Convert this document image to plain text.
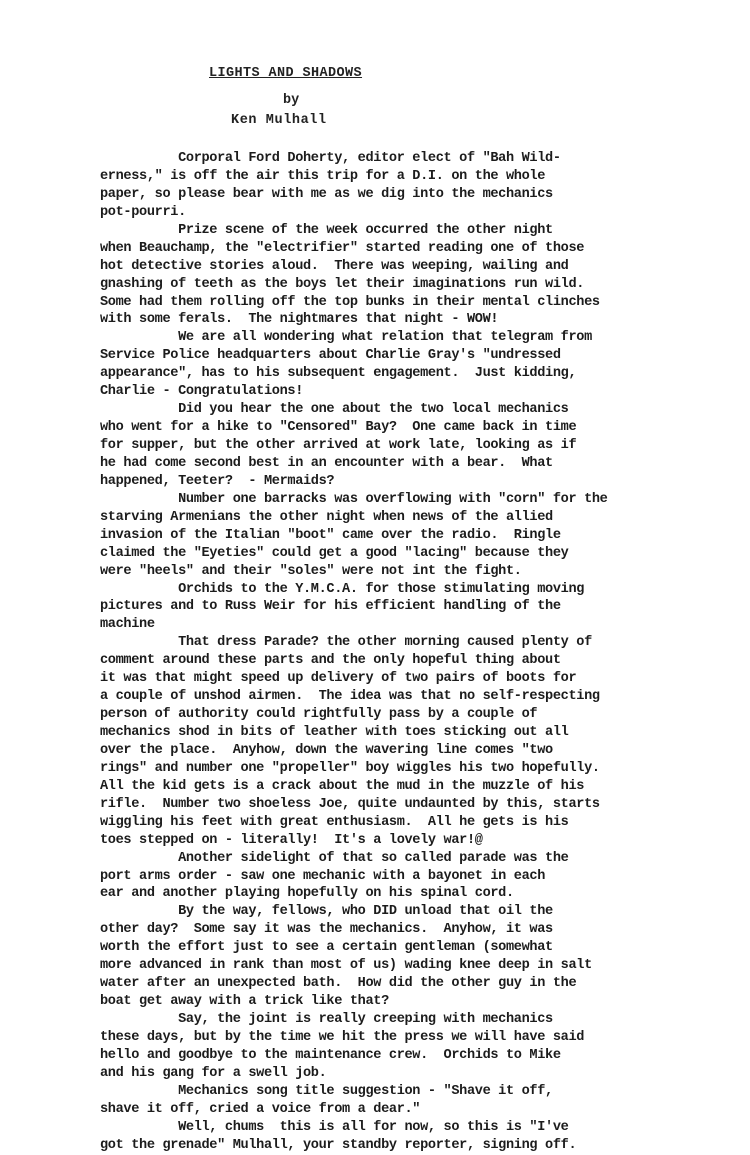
LIGHTS AND SHADOWS
by
Ken Mulhall
Corporal Ford Doherty, editor elect of "Bah Wild-
erness," is off the air this trip for a D.I. on the whole
paper, so please bear with me as we dig into the mechanics
pot-pourri.
Prize scene of the week occurred the other night
when Beauchamp, the "electrifier" started reading one of those
hot detective stories aloud.  There was weeping, wailing and
gnashing of teeth as the boys let their imaginations run wild.
Some had them rolling off the top bunks in their mental clinches
with some ferals.  The nightmares that night - WOW!
We are all wondering what relation that telegram from
Service Police headquarters about Charlie Gray's "undressed
appearance", has to his subsequent engagement.  Just kidding,
Charlie - Congratulations!
Did you hear the one about the two local mechanics
who went for a hike to "Censored" Bay?  One came back in time
for supper, but the other arrived at work late, looking as if
he had come second best in an encounter with a bear.  What
happened, Teeter?  - Mermaids?
Number one barracks was overflowing with "corn" for the
starving Armenians the other night when news of the allied
invasion of the Italian "boot" came over the radio.  Ringle
claimed the "Eyeties" could get a good "lacing" because they
were "heels" and their "soles" were not int the fight.
Orchids to the Y.M.C.A. for those stimulating moving
pictures and to Russ Weir for his efficient handling of the
machine
That dress Parade? the other morning caused plenty of
comment around these parts and the only hopeful thing about
it was that might speed up delivery of two pairs of boots for
a couple of unshod airmen.  The idea was that no self-respecting
person of authority could rightfully pass by a couple of
mechanics shod in bits of leather with toes sticking out all
over the place.  Anyhow, down the wavering line comes "two
rings" and number one "propeller" boy wiggles his two hopefully.
All the kid gets is a crack about the mud in the muzzle of his
rifle.  Number two shoeless Joe, quite undaunted by this, starts
wiggling his feet with great enthusiasm.  All he gets is his
toes stepped on - literally!  It's a lovely war!@
Another sidelight of that so called parade was the
port arms order - saw one mechanic with a bayonet in each
ear and another playing hopefully on his spinal cord.
By the way, fellows, who DID unload that oil the
other day?  Some say it was the mechanics.  Anyhow, it was
worth the effort just to see a certain gentleman (somewhat
more advanced in rank than most of us) wading knee deep in salt
water after an unexpected bath.  How did the other guy in the
boat get away with a trick like that?
Say, the joint is really creeping with mechanics
these days, but by the time we hit the press we will have said
hello and goodbye to the maintenance crew.  Orchids to Mike
and his gang for a swell job.
Mechanics song title suggestion - "Shave it off,
shave it off, cried a voice from a dear."
Well, chums  this is all for now, so this is "I've
got the grenade" Mulhall, your standby reporter, signing off.
